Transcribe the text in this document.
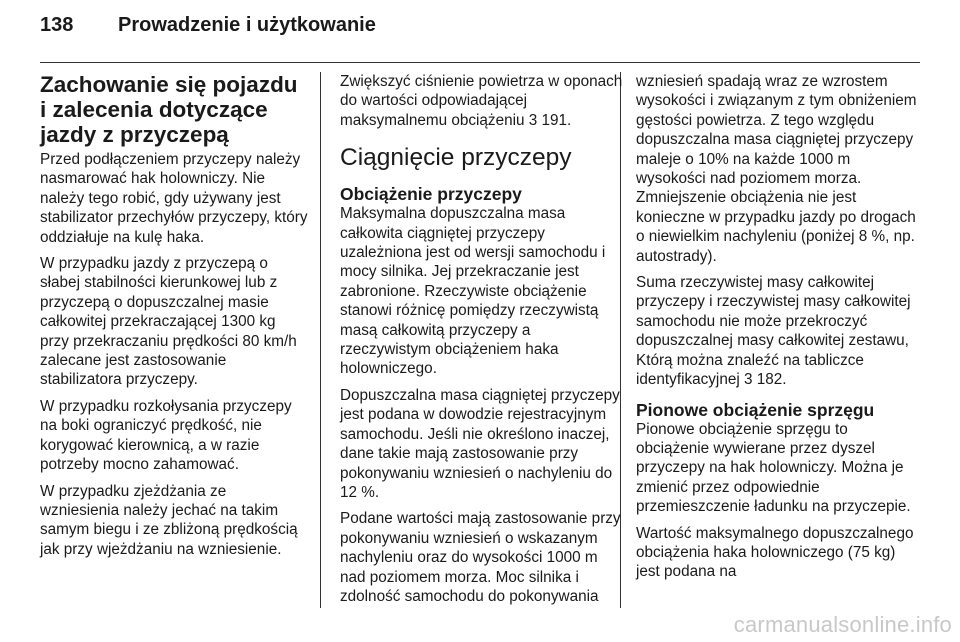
138	Prowadzenie i użytkowanie
Zachowanie się pojazdu i zalecenia dotyczące jazdy z przyczepą

Przed podłączeniem przyczepy należy nasmarować hak holowniczy. Nie należy tego robić, gdy używany jest stabilizator przechyłów przyczepy, który oddziałuje na kulę haka.

W przypadku jazdy z przyczepą o słabej stabilności kierunkowej lub z przyczepą o dopuszczalnej masie całkowitej przekraczającej 1300 kg przy przekraczaniu prędkości 80 km/h zalecane jest zastosowanie stabilizatora przyczepy.

W przypadku rozkołysania przyczepy na boki ograniczyć prędkość, nie korygować kierownicą, a w razie potrzeby mocno zahamować.

W przypadku zjeżdżania ze wzniesienia należy jechać na takim samym biegu i ze zbliżoną prędkością jak przy wjeżdżaniu na wzniesienie.

Zwiększyć ciśnienie powietrza w oponach do wartości odpowiadającej maksymalnemu obciążeniu 3 191.

Ciągnięcie przyczepy
Obciążenie przyczepy

Maksymalna dopuszczalna masa całkowita ciągniętej przyczepy uzależniona jest od wersji samochodu i mocy silnika. Jej przekraczanie jest zabronione. Rzeczywiste obciążenie stanowi różnicę pomiędzy rzeczywistą masą całkowitą przyczepy a rzeczywistym obciążeniem haka holowniczego.

Dopuszczalna masa ciągniętej przyczepy jest podana w dowodzie rejestracyjnym samochodu. Jeśli nie określono inaczej, dane takie mają zastosowanie przy pokonywaniu wzniesień o nachyleniu do 12 %.

Podane wartości mają zastosowanie przy pokonywaniu wzniesień o wskazanym nachyleniu oraz do wysokości 1000 m nad poziomem morza. Moc silnika i zdolność samochodu do pokonywania

wzniesień spadają wraz ze wzrostem wysokości i związanym z tym obniżeniem gęstości powietrza. Z tego względu dopuszczalna masa ciągniętej przyczepy maleje o 10% na każde 1000 m wysokości nad poziomem morza. Zmniejszenie obciążenia nie jest konieczne w przypadku jazdy po drogach o niewielkim nachyleniu (poniżej 8 %, np. autostrady).

Suma rzeczywistej masy całkowitej przyczepy i rzeczywistej masy całkowitej samochodu nie może przekroczyć dopuszczalnej masy całkowitej zestawu, Którą można znaleźć na tabliczce identyfikacyjnej 3 182.

Pionowe obciążenie sprzęgu

Pionowe obciążenie sprzęgu to obciążenie wywierane przez dyszel przyczepy na hak holowniczy. Można je zmienić przez odpowiednie przemieszczenie ładunku na przyczepie.

Wartość maksymalnego dopuszczalnego obciążenia haka holowniczego (75 kg) jest podana na

carmanualsonline.info
